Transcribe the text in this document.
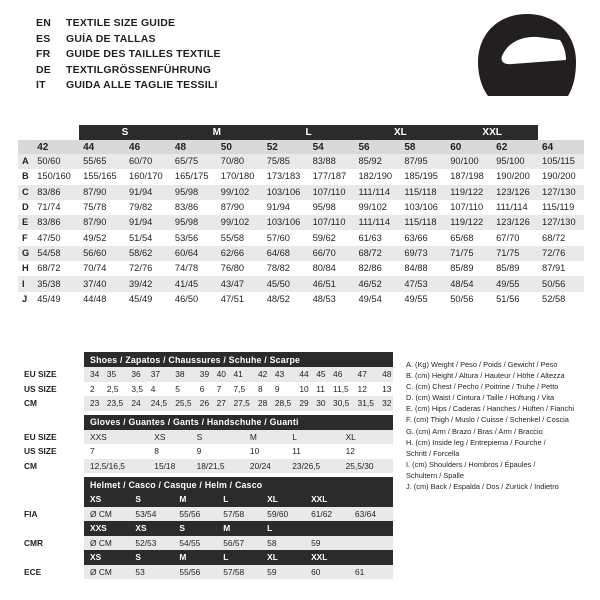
EN	TEXTILE SIZE GUIDE
ES	GUÍA DE TALLAS
FR	GUIDE DES TAILLES TEXTILE
DE	TEXTILGRÖSSENFÜHRUNG
IT	GUIDA ALLE TAGLIE TESSILI
		S		M		L		XL		XXL		
	42	44	46	48	50	52	54	56	58	60	62	64
A	50/60	55/65	60/70	65/75	70/80	75/85	83/88	85/92	87/95	90/100	95/100	105/115
B	150/160	155/165	160/170	165/175	170/180	173/183	177/187	182/190	185/195	187/198	190/200	190/200
C	83/86	87/90	91/94	95/98	99/102	103/106	107/110	111/114	115/118	119/122	123/126	127/130
D	71/74	75/78	79/82	83/86	87/90	91/94	95/98	99/102	103/106	107/110	111/114	115/119
E	83/86	87/90	91/94	95/98	99/102	103/106	107/110	111/114	115/118	119/122	123/126	127/130
F	47/50	49/52	51/54	53/56	55/58	57/60	59/62	61/63	63/66	65/68	67/70	68/72
G	54/58	56/60	58/62	60/64	62/66	64/68	66/70	68/72	69/73	71/75	71/75	72/76
H	68/72	70/74	72/76	74/78	76/80	78/82	80/84	82/86	84/88	85/89	85/89	87/91
I	35/38	37/40	39/42	41/45	43/47	45/50	46/51	46/52	47/53	48/54	49/55	50/56
J	45/49	44/48	45/49	46/50	47/51	48/52	48/53	49/54	49/55	50/56	51/56	52/58
	Shoes / Zapatos / Chaussures / Schuhe / Scarpe														
EU SIZE	34	35	36	37	38	39	40	41	42	43	44	45	46	47	48
US SIZE	2	2,5	3,5	4	5	6	7	7,5	8	9	10	11	11,5	12	13
CM	23	23,5	24	24,5	25,5	26	27	27,5	28	28,5	29	30	30,5	31,5	32
	Gloves / Guantes / Gants / Handschuhe / Guanti					
EU SIZE	XXS	XS	S	M	L	XL
US SIZE	7	8	9	10	11	12
CM	12,5/16,5	15/18	18/21,5	20/24	23/26,5	25,5/30
	Helmet / Casco / Casque / Helm / Casco						
	XS	S	M	L	XL	XXL	
FIA	Ø CM	53/54	55/56	57/58	59/60	61/62	63/64
	XXS	XS	S	M	L		
CMR	Ø CM	52/53	54/55	56/57	58	59	
	XS	S	M	L	XL	XXL	
ECE	Ø CM	53	55/56	57/58	59	60	61
A. (Kg) Weight / Peso / Poids / Gewicht / Peso
B. (cm) Height / Altura / Hauteur / Höhe / Altezza
C. (cm) Chest / Pecho / Poitrine / Truhe / Petto
D. (cm) Waist / Cintura / Taille / Hüftung / Vita
E. (cm) Hips / Caderas / Hanches / Hüften / Fianchi
F. (cm) Thigh / Muslo / Cuisse / Schenkel / Coscia
G. (cm) Arm / Brazo / Bras / Arm / Braccio
H. (cm) Inside leg / Entrepierna / Fourche /
Schritt / Forcella
I. (cm) Shoulders / Hombros / Épaules /
Schultern / Spalle
J. (cm) Back / Espalda / Dos / Zurück / Indietro
